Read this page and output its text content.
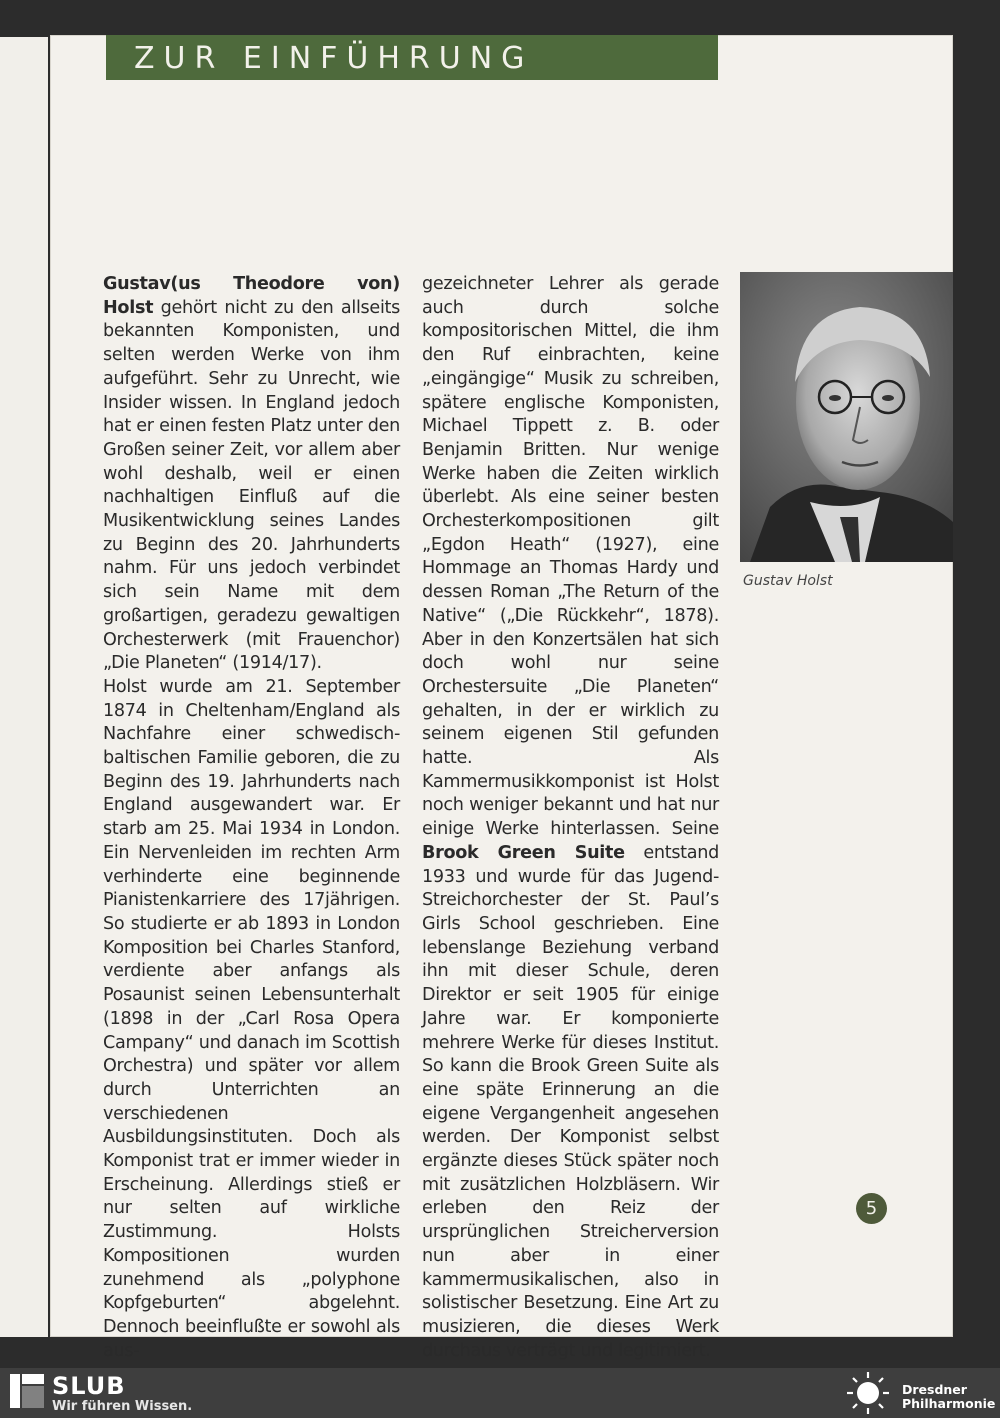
ZUR EINFÜHRUNG

Gustav(us Theodore von) Holst gehört nicht zu den allseits bekannten Komponisten, und selten werden Werke von ihm aufgeführt. Sehr zu Unrecht, wie Insider wissen. In England jedoch hat er einen festen Platz unter den Großen seiner Zeit, vor allem aber wohl deshalb, weil er einen nachhaltigen Einfluß auf die Musikentwicklung seines Landes zu Beginn des 20. Jahrhunderts nahm. Für uns jedoch verbindet sich sein Name mit dem großartigen, geradezu gewaltigen Orchesterwerk (mit Frauenchor) „Die Planeten“ (1914/17).

Holst wurde am 21. September 1874 in Cheltenham/England als Nachfahre einer schwedisch-baltischen Familie geboren, die zu Beginn des 19. Jahrhunderts nach England ausgewandert war. Er starb am 25. Mai 1934 in London. Ein Nervenleiden im rechten Arm verhinderte eine beginnende Pianistenkarriere des 17jährigen. So studierte er ab 1893 in London Komposition bei Charles Stanford, verdiente aber anfangs als Posaunist seinen Lebensunterhalt (1898 in der „Carl Rosa Opera Campany“ und danach im Scottish Orchestra) und später vor allem durch Unterrichten an verschiedenen Ausbildungsinstituten. Doch als Komponist trat er immer wieder in Erscheinung. Allerdings stieß er nur selten auf wirkliche Zustimmung. Holsts Kompositionen wurden zunehmend als „polyphone Kopfgeburten“ abgelehnt. Dennoch beeinflußte er sowohl als aus-

gezeichneter Lehrer als gerade auch durch solche kompositorischen Mittel, die ihm den Ruf einbrachten, keine „eingängige“ Musik zu schreiben, spätere englische Komponisten, Michael Tippett z. B. oder Benjamin Britten. Nur wenige Werke haben die Zeiten wirklich überlebt. Als eine seiner besten Orchesterkompositionen gilt „Egdon Heath“ (1927), eine Hommage an Thomas Hardy und dessen Roman „The Return of the Native“ („Die Rückkehr“, 1878). Aber in den Konzertsälen hat sich doch wohl nur seine Orchestersuite „Die Planeten“ gehalten, in der er wirklich zu seinem eigenen Stil gefunden hatte. Als Kammermusikkomponist ist Holst noch weniger bekannt und hat nur einige Werke hinterlassen. Seine Brook Green Suite entstand 1933 und wurde für das Jugend-Streichorchester der St. Paul’s Girls School geschrieben. Eine lebenslange Beziehung verband ihn mit dieser Schule, deren Direktor er seit 1905 für einige Jahre war. Er komponierte mehrere Werke für dieses Institut. So kann die Brook Green Suite als eine späte Erinnerung an die eigene Vergangenheit angesehen werden. Der Komponist selbst ergänzte dieses Stück später noch mit zusätzlichen Holzbläsern. Wir erleben den Reiz der ursprünglichen Streicherversion nun aber in einer kammermusikalischen, also in solistischer Besetzung. Eine Art zu musizieren, die dieses Werk durchaus verträgt und legitimiert.

Gustav Holst
5
SLUB
Wir führen Wissen.
Dresdner
Philharmonie
